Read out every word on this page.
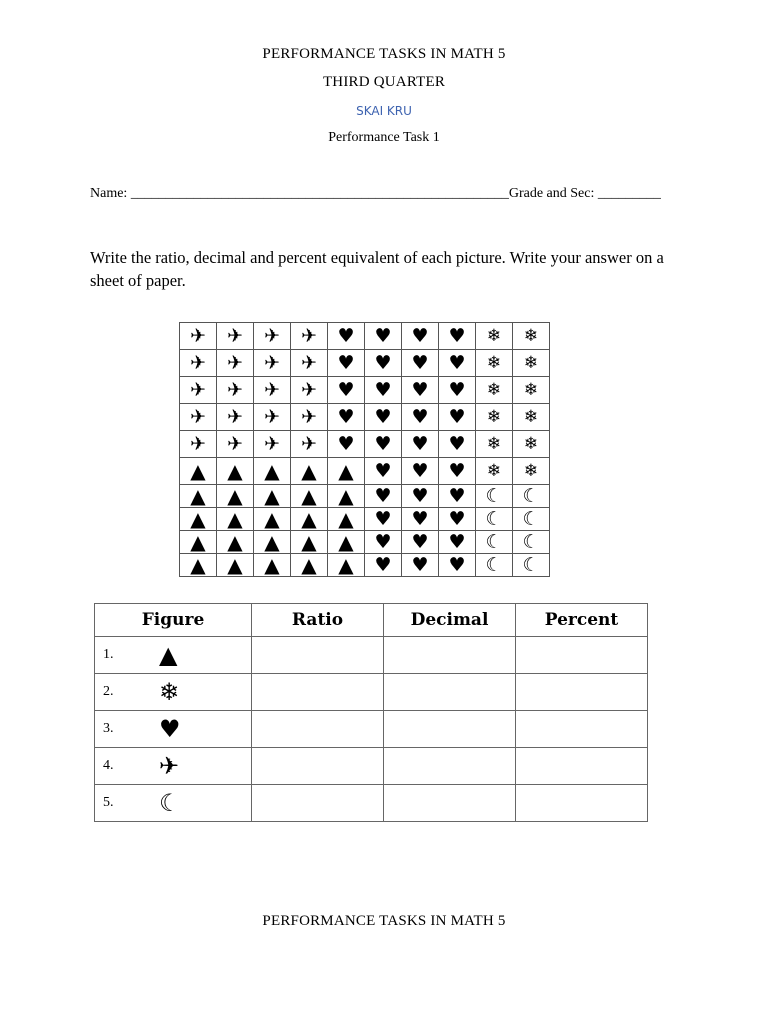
PERFORMANCE TASKS IN MATH 5
THIRD QUARTER
SKAI KRU
Performance Task 1
Name: ______________________________________________________Grade and Sec: _________
Write the ratio, decimal and percent equivalent of each picture. Write your answer on a sheet of paper.
✈	✈	✈	✈	♥	♥	♥	♥	❄	❄
✈	✈	✈	✈	♥	♥	♥	♥	❄	❄
✈	✈	✈	✈	♥	♥	♥	♥	❄	❄
✈	✈	✈	✈	♥	♥	♥	♥	❄	❄
✈	✈	✈	✈	♥	♥	♥	♥	❄	❄
▲	▲	▲	▲	▲	♥	♥	♥	❄	❄
▲	▲	▲	▲	▲	♥	♥	♥	☾	☾
▲	▲	▲	▲	▲	♥	♥	♥	☾	☾
▲	▲	▲	▲	▲	♥	♥	♥	☾	☾
▲	▲	▲	▲	▲	♥	♥	♥	☾	☾
Figure	Ratio	Decimal	Percent

1. ▲			

2. ❄			

3. ♥			

4. ✈			

5. ☾			

PERFORMANCE TASKS IN MATH 5
